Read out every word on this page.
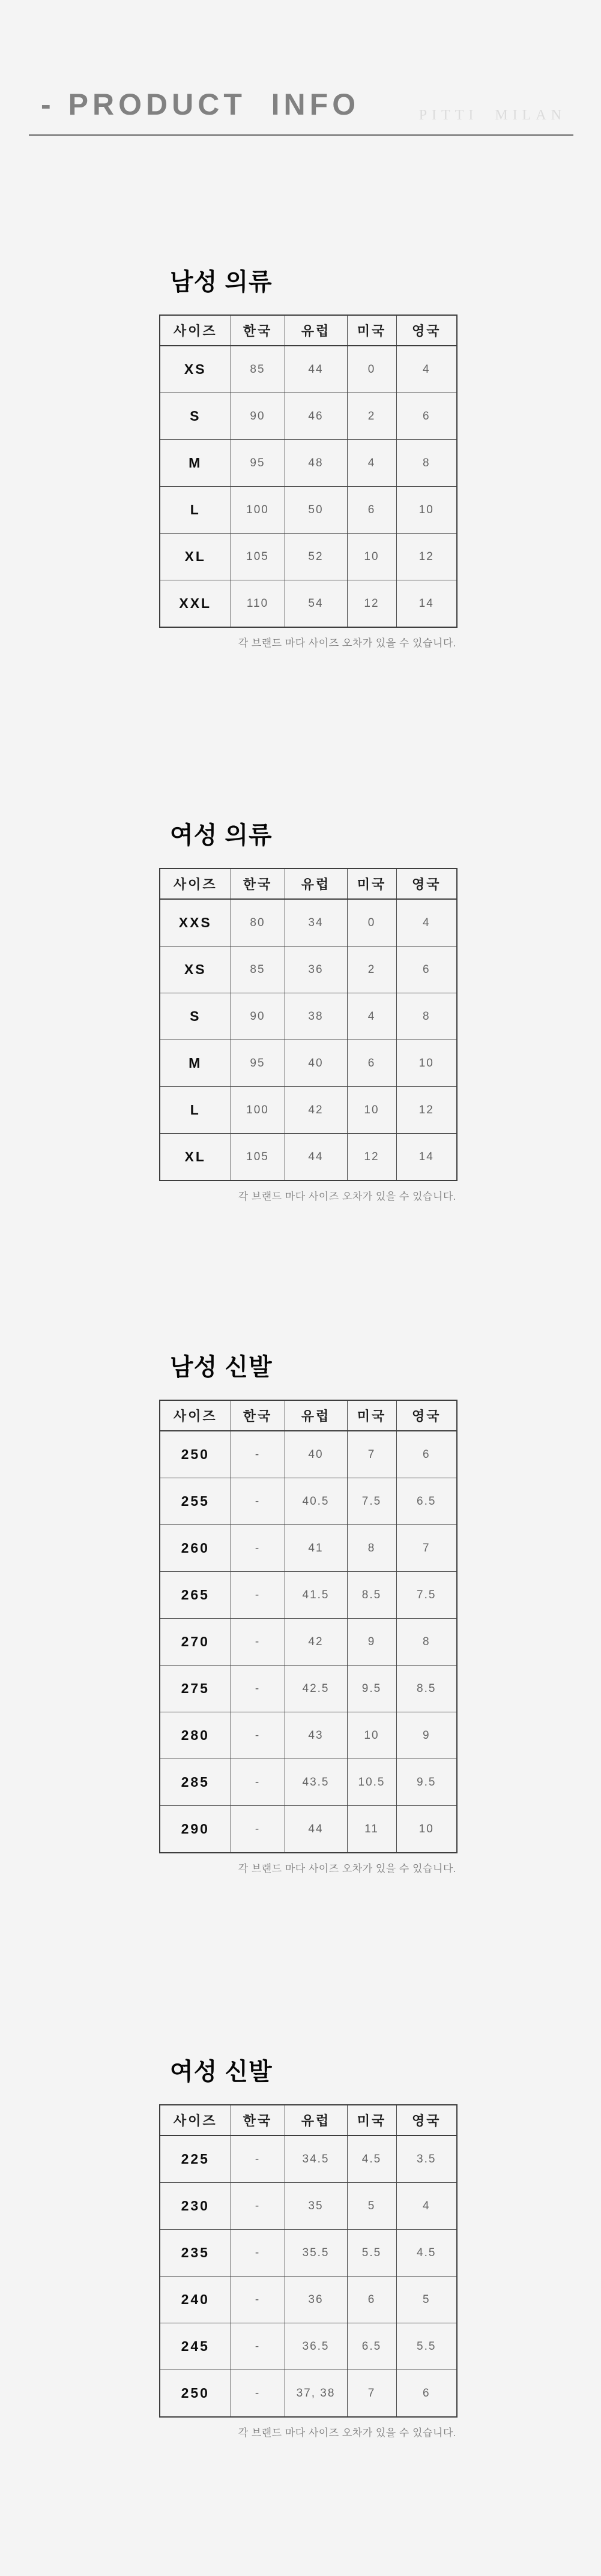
- PRODUCT  INFO	PITTI MILAN
남성 의류
사이즈	한국	유럽	미국	영국
XS	85	44	0	4
S	90	46	2	6
M	95	48	4	8
L	100	50	6	10
XL	105	52	10	12
XXL	110	54	12	14
각 브랜드 마다 사이즈 오차가 있을 수 있습니다.
여성 의류
사이즈	한국	유럽	미국	영국
XXS	80	34	0	4
XS	85	36	2	6
S	90	38	4	8
M	95	40	6	10
L	100	42	10	12
XL	105	44	12	14
각 브랜드 마다 사이즈 오차가 있을 수 있습니다.
남성 신발
사이즈	한국	유럽	미국	영국
250	-	40	7	6
255	-	40.5	7.5	6.5
260	-	41	8	7
265	-	41.5	8.5	7.5
270	-	42	9	8
275	-	42.5	9.5	8.5
280	-	43	10	9
285	-	43.5	10.5	9.5
290	-	44	11	10
각 브랜드 마다 사이즈 오차가 있을 수 있습니다.
여성 신발
사이즈	한국	유럽	미국	영국
225	-	34.5	4.5	3.5
230	-	35	5	4
235	-	35.5	5.5	4.5
240	-	36	6	5
245	-	36.5	6.5	5.5
250	-	37, 38	7	6
각 브랜드 마다 사이즈 오차가 있을 수 있습니다.
